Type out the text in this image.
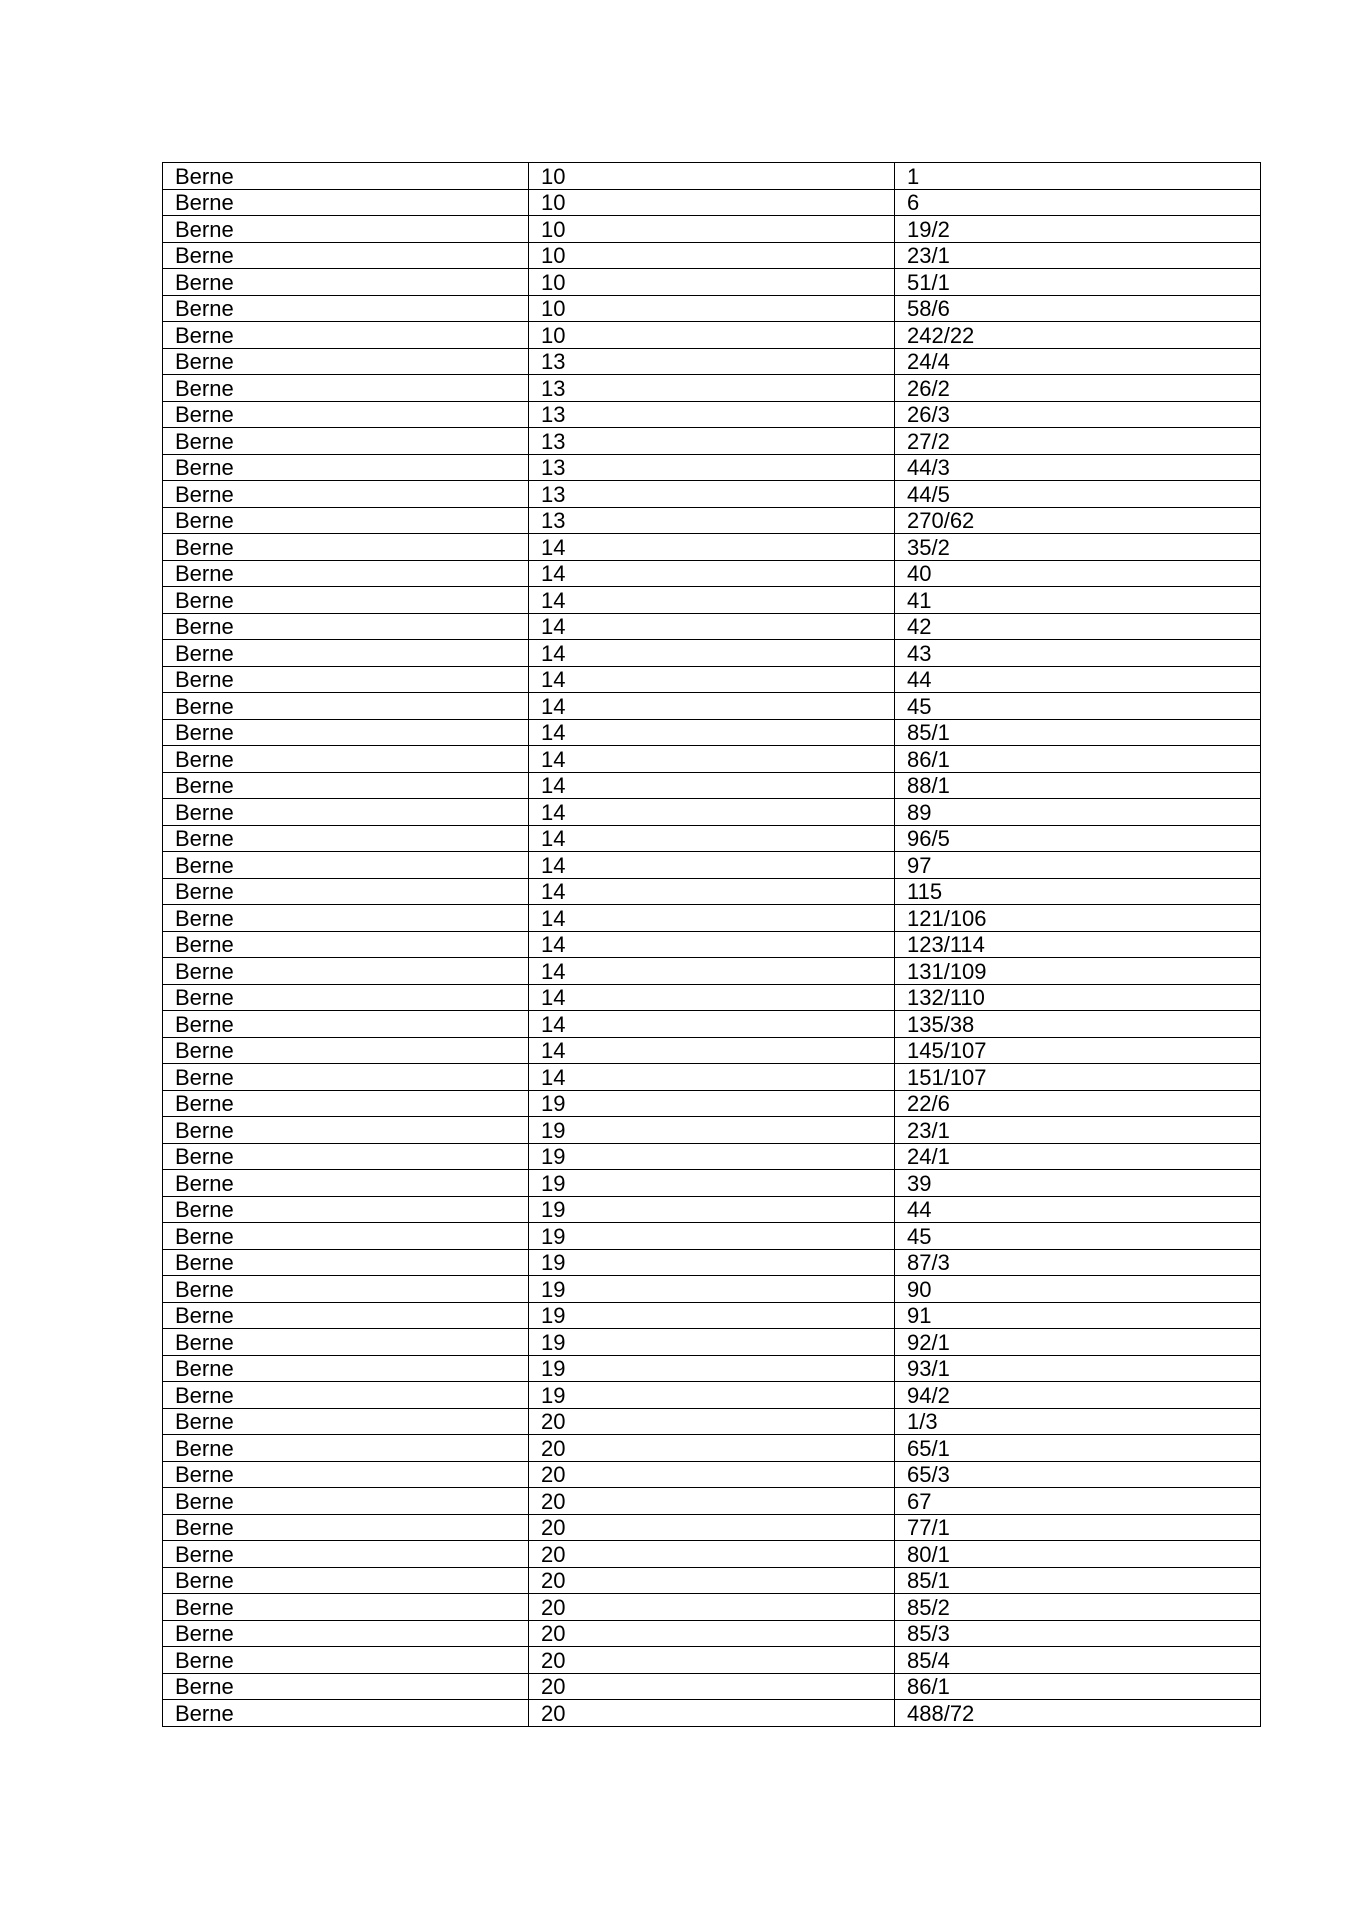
Berne	10	1
Berne	10	6
Berne	10	19/2
Berne	10	23/1
Berne	10	51/1
Berne	10	58/6
Berne	10	242/22
Berne	13	24/4
Berne	13	26/2
Berne	13	26/3
Berne	13	27/2
Berne	13	44/3
Berne	13	44/5
Berne	13	270/62
Berne	14	35/2
Berne	14	40
Berne	14	41
Berne	14	42
Berne	14	43
Berne	14	44
Berne	14	45
Berne	14	85/1
Berne	14	86/1
Berne	14	88/1
Berne	14	89
Berne	14	96/5
Berne	14	97
Berne	14	115
Berne	14	121/106
Berne	14	123/114
Berne	14	131/109
Berne	14	132/110
Berne	14	135/38
Berne	14	145/107
Berne	14	151/107
Berne	19	22/6
Berne	19	23/1
Berne	19	24/1
Berne	19	39
Berne	19	44
Berne	19	45
Berne	19	87/3
Berne	19	90
Berne	19	91
Berne	19	92/1
Berne	19	93/1
Berne	19	94/2
Berne	20	1/3
Berne	20	65/1
Berne	20	65/3
Berne	20	67
Berne	20	77/1
Berne	20	80/1
Berne	20	85/1
Berne	20	85/2
Berne	20	85/3
Berne	20	85/4
Berne	20	86/1
Berne	20	488/72
